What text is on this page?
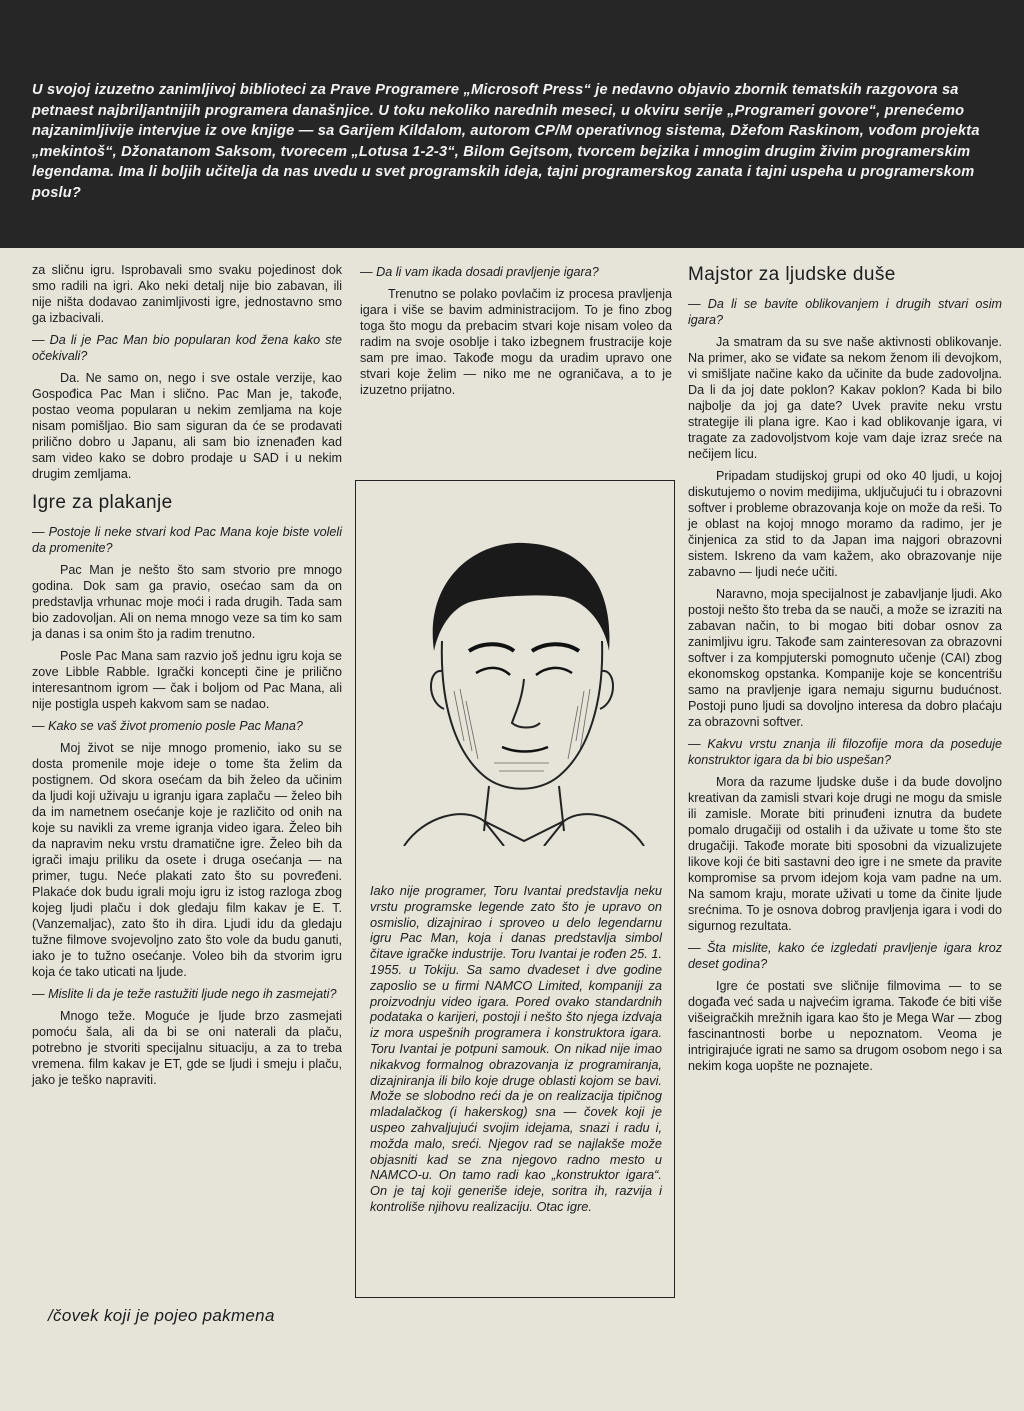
U svojoj izuzetno zanimljivoj biblioteci za Prave Programere „Microsoft Press“ je nedavno objavio zbornik tematskih razgovora sa petnaest najbriljantnijih programera današnjice. U toku nekoliko narednih meseci, u okviru serije „Programeri govore“, prenećemo najzanimljivije intervjue iz ove knjige — sa Garijem Kildalom, autorom CP/M operativnog sistema, Džefom Raskinom, vođom projekta „mekintoš“, Džonatanom Saksom, tvorecem „Lotusa 1-2-3“, Bilom Gejtsom, tvorcem bejzika i mnogim drugim živim programerskim legendama. Ima li boljih učitelja da nas uvedu u svet programskih ideja, tajni programerskog zanata i tajni uspeha u programerskom poslu?

za sličnu igru. Isprobavali smo svaku pojedinost dok smo radili na igri. Ako neki detalj nije bio zabavan, ili nije ništa dodavao zanimljivosti igre, jednostavno smo ga izbacivali.

— Da li je Pac Man bio popularan kod žena kako ste očekivali?

Da. Ne samo on, nego i sve ostale verzije, kao Gospođica Pac Man i slično. Pac Man je, takođe, postao veoma popularan u nekim zemljama na koje nisam pomišljao. Bio sam siguran da će se prodavati prilično dobro u Japanu, ali sam bio iznenađen kad sam video kako se dobro prodaje u SAD i u nekim drugim zemljama.

Igre za plakanje

— Postoje li neke stvari kod Pac Mana koje biste voleli da promenite?

Pac Man je nešto što sam stvorio pre mnogo godina. Dok sam ga pravio, osećao sam da on predstavlja vrhunac moje moći i rada drugih. Tada sam bio zadovoljan. Ali on nema mnogo veze sa tim ko sam ja danas i sa onim što ja radim trenutno.

Posle Pac Mana sam razvio još jednu igru koja se zove Libble Rabble. Igrački koncepti čine je prilično interesantnom igrom — čak i boljom od Pac Mana, ali nije postigla uspeh kakvom sam se nadao.

— Kako se vaš život promenio posle Pac Mana?

Moj život se nije mnogo promenio, iako su se dosta promenile moje ideje o tome šta želim da postignem. Od skora osećam da bih želeo da učinim da ljudi koji uživaju u igranju igara zaplaču — želeo bih da im nametnem osećanje koje je različito od onih na koje su navikli za vreme igranja video igara. Želeo bih da napravim neku vrstu dramatične igre. Želeo bih da igrači imaju priliku da osete i druga osećanja — na primer, tugu. Neće plakati zato što su povređeni. Plakaće dok budu igrali moju igru iz istog razloga zbog kojeg ljudi plaču i dok gledaju film kakav je E. T. (Vanzemaljac), zato što ih dira. Ljudi idu da gledaju tužne filmove svojevoljno zato što vole da budu ganuti, iako je to tužno osećanje. Voleo bih da stvorim igru koja će tako uticati na ljude.

— Mislite li da je teže rastužiti ljude nego ih zasmejati?

Mnogo teže. Moguće je ljude brzo zasmejati pomoću šala, ali da bi se oni naterali da plaču, potrebno je stvoriti specijalnu situaciju, a za to treba vremena. film kakav je ET, gde se ljudi i smeju i plaču, jako je teško napraviti.

— Da li vam ikada dosadi pravljenje igara?

Trenutno se polako povlačim iz procesa pravljenja igara i više se bavim administracijom. To je fino zbog toga što mogu da prebacim stvari koje nisam voleo da radim na svoje osoblje i tako izbegnem frustracije koje sam pre imao. Takođe mogu da uradim upravo one stvari koje želim — niko me ne ograničava, a to je izuzetno prijatno.

Iako nije programer, Toru Ivantai predstavlja neku vrstu programske legende zato što je upravo on osmislio, dizajnirao i sproveo u delo legendarnu igru Pac Man, koja i danas predstavlja simbol čitave igračke industrije. Toru Ivantai je rođen 25. 1. 1955. u Tokiju. Sa samo dvadeset i dve godine zaposlio se u firmi NAMCO Limited, kompaniji za proizvodnju video igara. Pored ovako standardnih podataka o karijeri, postoji i nešto što njega izdvaja iz mora uspešnih programera i konstruktora igara. Toru Ivantai je potpuni samouk. On nikad nije imao nikakvog formalnog obrazovanja iz programiranja, dizajniranja ili bilo koje druge oblasti kojom se bavi. Može se slobodno reći da je on realizacija tipičnog mladalačkog (i hakerskog) sna — čovek koji je uspeo zahvaljujući svojim idejama, snazi i radu i, možda malo, sreći. Njegov rad se najlakše može objasniti kad se zna njegovo radno mesto u NAMCO-u. On tamo radi kao „konstruktor igara“. On je taj koji generiše ideje, soritra ih, razvija i kontroliše njihovu realizaciju. Otac igre.

/čovek koji je pojeo pakmena

Majstor za ljudske duše

— Da li se bavite oblikovanjem i drugih stvari osim igara?

Ja smatram da su sve naše aktivnosti oblikovanje. Na primer, ako se viđate sa nekom ženom ili devojkom, vi smišljate načine kako da učinite da bude zadovoljna. Da li da joj date poklon? Kakav poklon? Kada bi bilo najbolje da joj ga date? Uvek pravite neku vrstu strategije ili plana igre. Kao i kad oblikovanje igara, vi tragate za zadovoljstvom koje vam daje izraz sreće na nečijem licu.

Pripadam studijskoj grupi od oko 40 ljudi, u kojoj diskutujemo o novim medijima, uključujući tu i obrazovni softver i probleme obrazovanja koje on može da reši. To je oblast na kojoj mnogo moramo da radimo, jer je činjenica za stid to da Japan ima najgori obrazovni sistem. Iskreno da vam kažem, ako obrazovanje nije zabavno — ljudi neće učiti.

Naravno, moja specijalnost je zabavljanje ljudi. Ako postoji nešto što treba da se nauči, a može se izraziti na zabavan način, to bi mogao biti dobar osnov za zanimljivu igru. Takođe sam zainteresovan za obrazovni softver i za kompjuterski pomognuto učenje (CAI) zbog ekonomskog opstanka. Kompanije koje se koncentrišu samo na pravljenje igara nemaju sigurnu budućnost. Postoji puno ljudi sa dovoljno interesa da dobro plaćaju za obrazovni softver.

— Kakvu vrstu znanja ili filozofije mora da poseduje konstruktor igara da bi bio uspešan?

Mora da razume ljudske duše i da bude dovoljno kreativan da zamisli stvari koje drugi ne mogu da smisle ili zamisle. Morate biti prinuđeni iznutra da budete pomalo drugačiji od ostalih i da uživate u tome što ste drugačiji. Takođe morate biti sposobni da vizualizujete likove koji će biti sastavni deo igre i ne smete da pravite kompromise sa prvom idejom koja vam padne na um. Na samom kraju, morate uživati u tome da činite ljude srećnima. To je osnova dobrog pravljenja igara i vodi do sigurnog rezultata.

— Šta mislite, kako će izgledati pravljenje igara kroz deset godina?

Igre će postati sve sličnije filmovima — to se događa već sada u najvećim igrama. Takođe će biti više višeigračkih mrežnih igara kao što je Mega War — zbog fascinantnosti borbe u nepoznatom. Veoma je intrigirajuće igrati ne samo sa drugom osobom nego i sa nekim koga uopšte ne poznajete.
